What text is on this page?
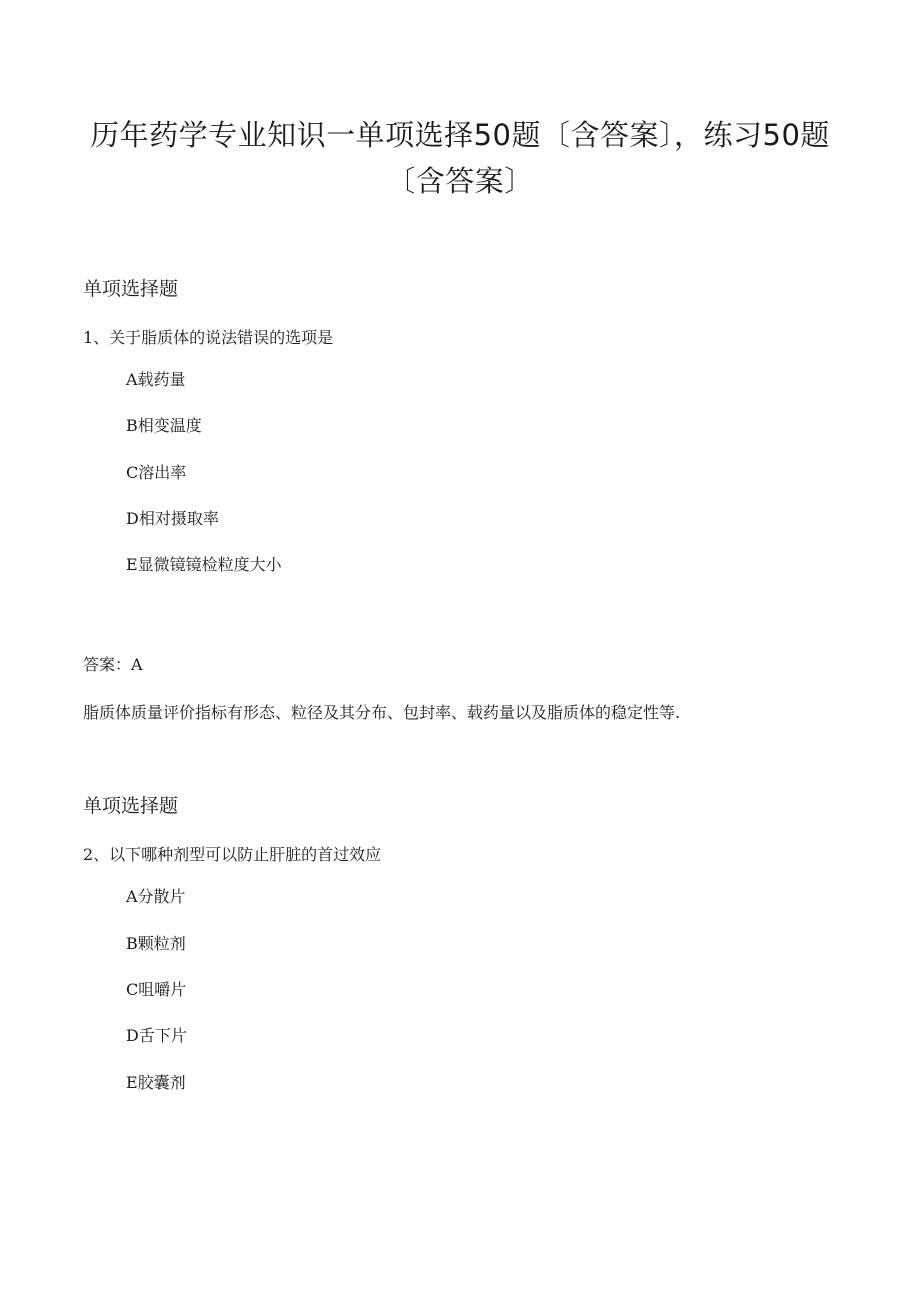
历年药学专业知识一单项选择50题〔含答案〕，练习50题
〔含答案〕
单项选择题

1、关于脂质体的说法错误的选项是

A载药量

B相变温度

C溶出率

D相对摄取率

E显微镜镜检粒度大小

答案：A

脂质体质量评价指标有形态、粒径及其分布、包封率、载药量以及脂质体的稳定性等.

单项选择题

2、以下哪种剂型可以防止肝脏的首过效应

A分散片

B颗粒剂

C咀嚼片

D舌下片

E胶囊剂
